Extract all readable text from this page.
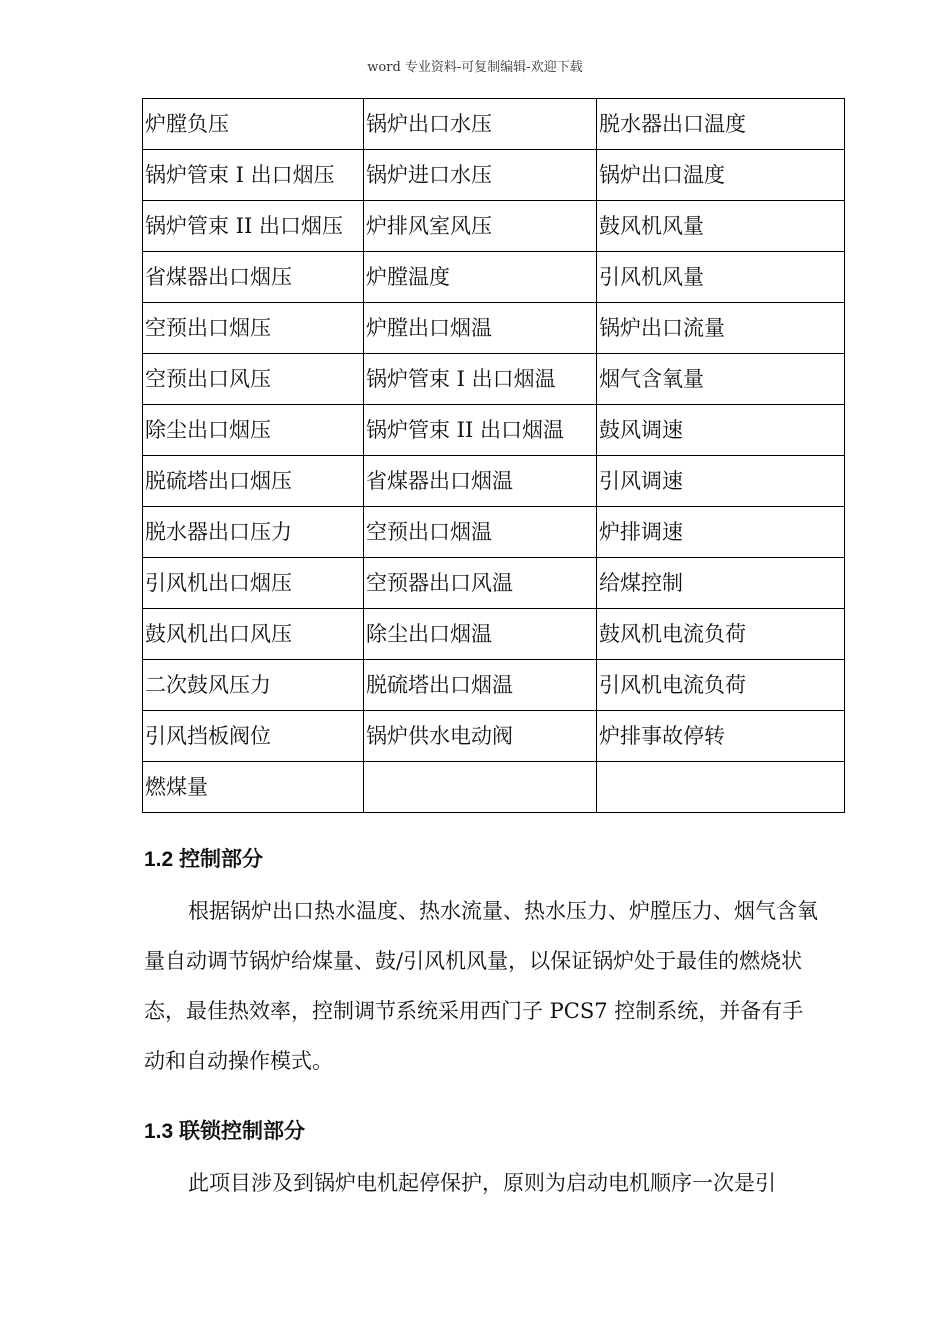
word 专业资料-可复制编辑-欢迎下载
炉膛负压	锅炉出口水压	脱水器出口温度
锅炉管束 I 出口烟压	锅炉进口水压	锅炉出口温度
锅炉管束 II 出口烟压	炉排风室风压	鼓风机风量
省煤器出口烟压	炉膛温度	引风机风量
空预出口烟压	炉膛出口烟温	锅炉出口流量
空预出口风压	锅炉管束 I 出口烟温	烟气含氧量
除尘出口烟压	锅炉管束 II 出口烟温	鼓风调速
脱硫塔出口烟压	省煤器出口烟温	引风调速
脱水器出口压力	空预出口烟温	炉排调速
引风机出口烟压	空预器出口风温	给煤控制
鼓风机出口风压	除尘出口烟温	鼓风机电流负荷
二次鼓风压力	脱硫塔出口烟温	引风机电流负荷
引风挡板阀位	锅炉供水电动阀	炉排事故停转
燃煤量		
1.2 控制部分
根据锅炉出口热水温度、热水流量、热水压力、炉膛压力、烟气含氧量自动调节锅炉给煤量、鼓/引风机风量，以保证锅炉处于最佳的燃烧状态，最佳热效率，控制调节系统采用西门子 PCS7 控制系统，并备有手动和自动操作模式。
1.3 联锁控制部分
此项目涉及到锅炉电机起停保护，原则为启动电机顺序一次是引
